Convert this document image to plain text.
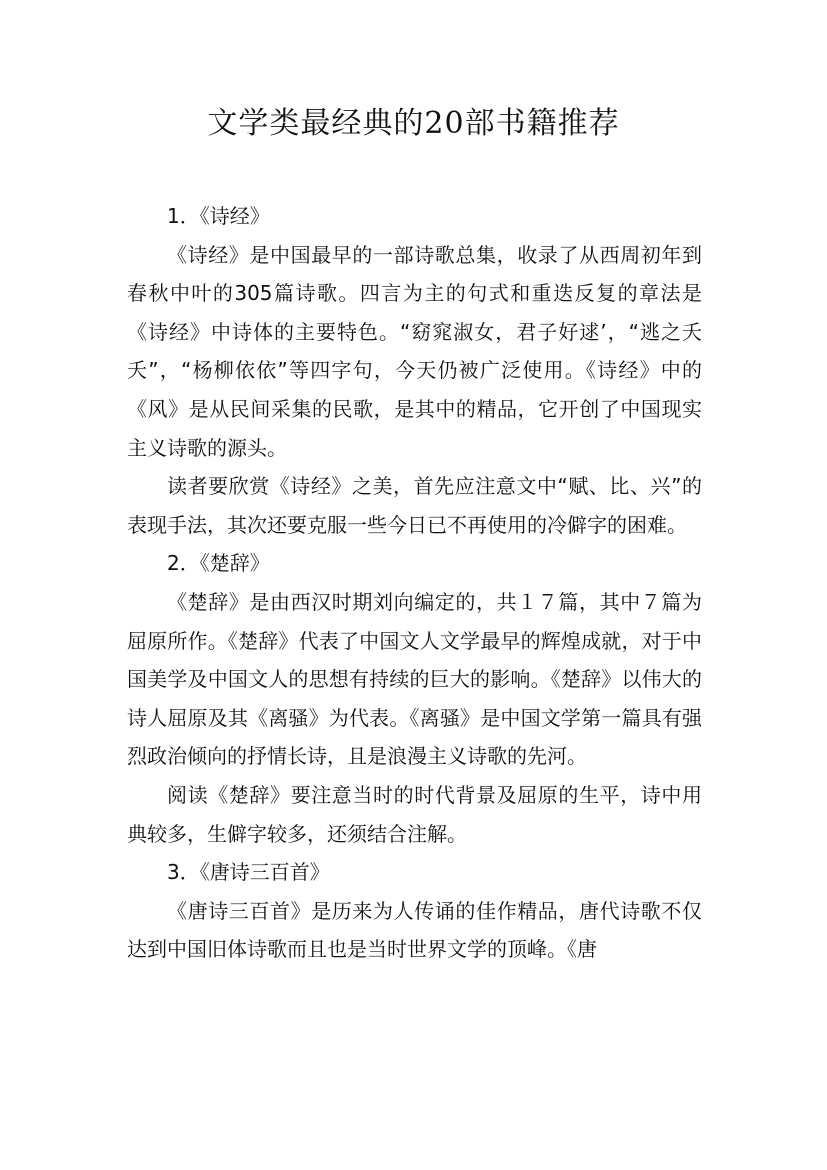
文学类最经典的20部书籍推荐

1．《诗经》

《诗经》是中国最早的一部诗歌总集，收录了从西周初年到春秋中叶的305篇诗歌。四言为主的句式和重迭反复的章法是《诗经》中诗体的主要特色。“窈窕淑女，君子好逑’，“逃之夭夭”，“杨柳依依”等四字句，今天仍被广泛使用。《诗经》中的《风》是从民间采集的民歌，是其中的精品，它开创了中国现实主义诗歌的源头。

读者要欣赏《诗经》之美，首先应注意文中“赋、比、兴”的表现手法，其次还要克服一些今日已不再使用的冷僻字的困难。

2．《楚辞》

《楚辞》是由西汉时期刘向编定的，共１７篇，其中７篇为屈原所作。《楚辞》代表了中国文人文学最早的辉煌成就，对于中国美学及中国文人的思想有持续的巨大的影响。《楚辞》以伟大的诗人屈原及其《离骚》为代表。《离骚》是中国文学第一篇具有强烈政治倾向的抒情长诗，且是浪漫主义诗歌的先河。

阅读《楚辞》要注意当时的时代背景及屈原的生平，诗中用典较多，生僻字较多，还须结合注解。

3．《唐诗三百首》

《唐诗三百首》是历来为人传诵的佳作精品，唐代诗歌不仅达到中国旧体诗歌而且也是当时世界文学的顶峰。《唐
